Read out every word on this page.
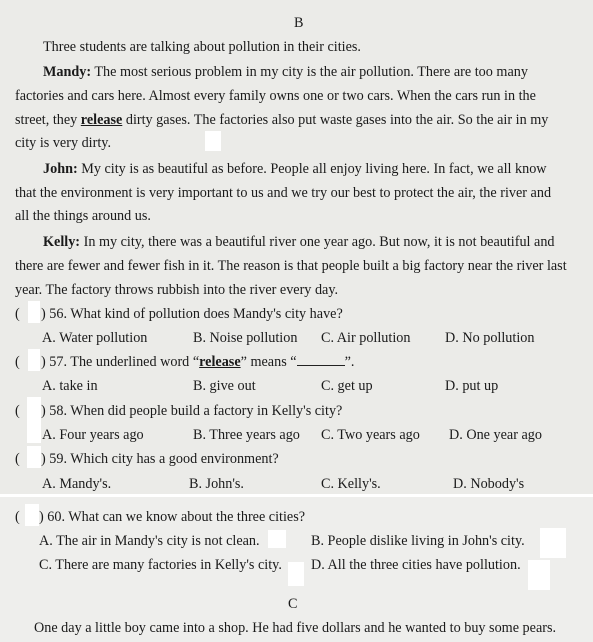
B
Three students are talking about pollution in their cities.
Mandy: The most serious problem in my city is the air pollution. There are too many
factories and cars here. Almost every family owns one or two cars. When the cars run in the
street, they release dirty gases. The factories also put waste gases into the air. So the air in my
city is very dirty.
John: My city is as beautiful as before. People all enjoy living here. In fact, we all know
that the environment is very important to us and we try our best to protect the air, the river and
all the things around us.
Kelly: In my city, there was a beautiful river one year ago. But now, it is not beautiful and
there are fewer and fewer fish in it. The reason is that people built a big factory near the river last
year. The factory throws rubbish into the river every day.
( ) 56. What kind of pollution does Mandy's city have?
A. Water pollution	B. Noise pollution C. Air pollution D. No pollution
( ) 57. The underlined word “release” means “	”.
A. take in	B. give out	C. get up	D. put up
( ) 58. When did people build a factory in Kelly's city?
A. Four years ago	B. Three years ago C. Two years ago D. One year ago
( ) 59. Which city has a good environment?
A. Mandy's.	B. John's.	C. Kelly's.	D. Nobody's
( ) 60. What can we know about the three cities?
A. The air in Mandy's city is not clean.	B. People dislike living in John's city.
C. There are many factories in Kelly's city. D. All the three cities have pollution.
C
One day a little boy came into a shop. He had five dollars and he wanted to buy some pears.
